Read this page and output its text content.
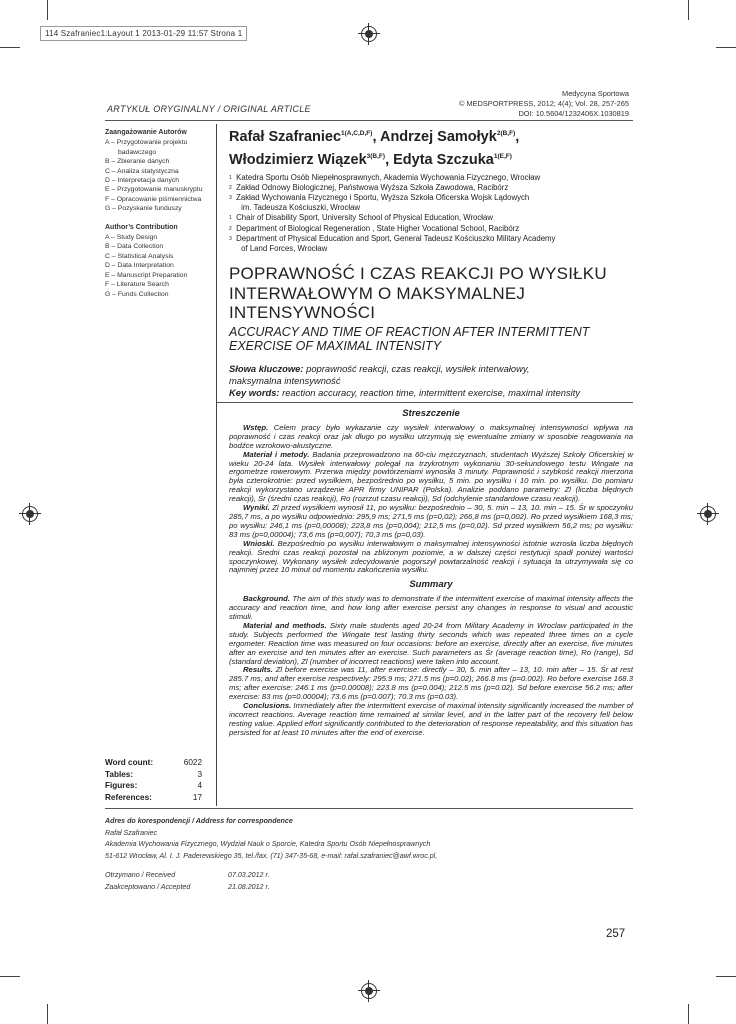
114 Szafraniec1:Layout 1 2013-01-29 11:57 Strona 1
Medycyna Sportowa
© MEDSPORTPRESS, 2012; 4(4); Vol. 28, 257-265
DOI: 10.5604/1232406X.1030819
ARTYKUŁ ORYGINALNY / ORIGINAL ARTICLE
Zaangażowanie Autorów
A – Przygotowanie projektu
badawczego
B – Zbieranie danych
C – Analiza statystyczna
D – Interpretacja danych
E – Przygotowanie manuskryptu
F – Opracowanie piśmiennictwa
G – Pozyskanie funduszy
Author’s Contribution
A – Study Design
B – Data Collection
C – Statistical Analysis
D – Data Interpretation
E – Manuscript Preparation
F – Literature Search
G – Funds Collection
Rafał Szafraniec$^{1(A,C,D,F)}$, Andrzej Samołyk$^{2(B,F)}$,
Włodzimierz Wiązek$^{3(B,F)}$, Edyta Szczuka$^{1(E,F)}$
1
Katedra Sportu Osób Niepełnosprawnych, Akademia Wychowania Fizycznego, Wrocław
2
Zakład Odnowy Biologicznej, Państwowa Wyższa Szkoła Zawodowa, Racibórz
3
Zakład Wychowania Fizycznego i Sportu, Wyższa Szkoła Oficerska Wojsk Lądowych

im. Tadeusza Kościuszki, Wrocław
1
Chair of Disability Sport, University School of Physical Education, Wrocław
2
Department of Biological Regeneration , State Higher Vocational School, Racibórz
3
Department of Physical Education and Sport, General Tadeusz Kościuszko Military Academy

of Land Forces, Wrocław
POPRAWNOŚĆ I CZAS REAKCJI PO WYSIŁKU
INTERWAŁOWYM O MAKSYMALNEJ
INTENSYWNOŚCI
ACCURACY AND TIME OF REACTION AFTER INTERMITTENT
EXERCISE OF MAXIMAL INTENSITY
Słowa kluczowe: poprawność reakcji, czas reakcji, wysiłek interwałowy,
maksymalna intensywność
Key words: reaction accuracy, reaction time, intermittent exercise, maximal intensity
Streszczenie

Wstęp. Celem pracy było wykazanie czy wysiłek interwałowy o maksymalnej intensywności wpływa na poprawność i czas reakcji oraz jak długo po wysiłku utrzymują się ewentualne zmiany w sposobie reagowania na bodźce wzrokowo-akustyczne.

Materiał i metody. Badania przeprowadzono na 60-ciu mężczyznach, studentach Wyższej Szkoły Oficerskiej w wieku 20-24 lata. Wysiłek interwałowy polegał na trzykrotnym wykonaniu 30-sekundowego testu Wingate na ergometrze rowerowym. Przerwa między powtórzeniami wynosiła 3 minuty. Poprawność i szybkość reakcji mierzona była czterokrotnie: przed wysiłkiem, bezpośrednio po wysiłku, 5 min. po wysiłku i 10 min. po wysiłku. Do pomiaru reakcji wykorzystano urządzenie APR firmy UNIPAR (Polska). Analizie poddano parametry: Zl (liczba błędnych reakcji), Śr (średni czas reakcji), Ro (rozrzut czasu reakcji), Sd (odchylenie standardowe czasu reakcji).

Wyniki. Zl przed wysiłkiem wynosił 11, po wysiłku: bezpośrednio – 30, 5. min – 13, 10. min – 15. Śr w spoczynku 285,7 ms, a po wysiłku odpowiednio: 295,9 ms; 271,5 ms (p=0,02); 266,8 ms (p=0,002). Ro przed wysiłkiem 168,3 ms; po wysiłku: 246,1 ms (p=0,00008); 223,8 ms (p=0,004); 212,5 ms (p=0,02). Sd przed wysiłkiem 56,2 ms; po wysiłku: 83 ms (p=0,00004); 73,6 ms (p=0,007); 70,3 ms (p=0,03).

Wnioski. Bezpośrednio po wysiłku interwałowym o maksymalnej intensywności istotnie wzrosła liczba błędnych reakcji. Średni czas reakcji pozostał na zbliżonym poziomie, a w dalszej części restytucji spadł poniżej wartości spoczynkowej. Wykonany wysiłek zdecydowanie pogorszył powtarzalność reakcji i sytuacja ta utrzymywała się co najmniej przez 10 minut od momentu zakończenia wysiłku.

Summary

Background. The aim of this study was to demonstrate if the intermittent exercise of maximal intensity affects the accuracy and reaction time, and how long after exercise persist any changes in response to visual and acoustic stimuli.

Material and methods. Sixty male students aged 20-24 from Military Academy in Wroclaw participated in the study. Subjects performed the Wingate test lasting thirty seconds which was repeated three times on a cycle ergometer. Reaction time was measured on four occasions: before an exercise, directly after an exercise, five minutes after an exercise and ten minutes after an exercise. Such parameters as Śr (average reaction time), Ro (range), Sd (standard deviation), Zl (number of incorrect reactions) were taken into account.

Results. Zl before exercise was 11, after exercise: directly – 30, 5. min after – 13, 10. min after – 15. Śr at rest 285.7 ms, and after exercise respectively: 295.9 ms; 271.5 ms (p=0.02); 266.8 ms (p=0.002). Ro before exercise 168.3 ms; after exercise: 246.1 ms (p=0.00008); 223.8 ms (p=0.004); 212.5 ms (p=0.02). Sd before exercise 56.2 ms; after exercise: 83 ms (p=0.00004); 73.6 ms (p=0.007); 70.3 ms (p=0.03).

Conclusions. Immediately after the intermittent exercise of maximal intensity significantly increased the number of incorrect reactions. Average reaction time remained at similar level, and in the latter part of the recovery fell below resting value. Applied effort significantly contributed to the deterioration of response repeatability, and this situation has persisted for at least 10 minutes after the end of exercise.

Word count:	6022
Tables:	3
Figures:	4
References:	17
Adres do korespondencji / Address for correspondence
Rafał Szafraniec
Akademia Wychowania Fizycznego, Wydział Nauk o Sporcie, Katedra Sportu Osób Niepełnosprawnych
51-612 Wrocław, Al. I. J. Paderewskiego 35, tel./fax. (71) 347-35-68, e-mail: rafal.szafraniec@awf.wroc.pl,
Otrzymano / Received	07.03.2012 r.
Zaakceptowano / Accepted	21.08.2012 r.
257
